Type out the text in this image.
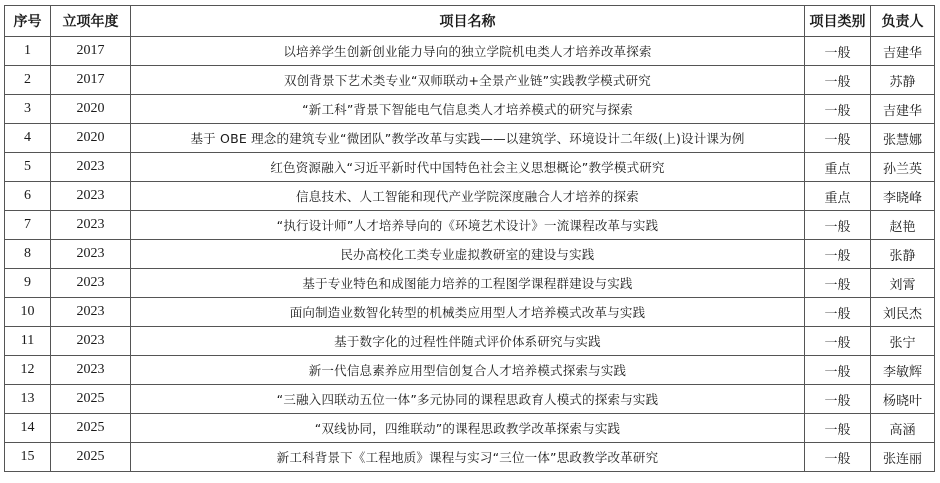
序号	立项年度	项目名称	项目类别	负责人
1	2017	以培养学生创新创业能力导向的独立学院机电类人才培养改革探索	一般	吉建华
2	2017	双创背景下艺术类专业“双师联动+全景产业链”实践教学模式研究	一般	苏静
3	2020	“新工科”背景下智能电气信息类人才培养模式的研究与探索	一般	吉建华
4	2020	基于 OBE 理念的建筑专业“微团队”教学改革与实践——以建筑学、环境设计二年级(上)设计课为例	一般	张慧娜
5	2023	红色资源融入“习近平新时代中国特色社会主义思想概论”教学模式研究	重点	孙兰英
6	2023	信息技术、人工智能和现代产业学院深度融合人才培养的探索	重点	李晓峰
7	2023	“执行设计师”人才培养导向的《环境艺术设计》一流课程改革与实践	一般	赵艳
8	2023	民办高校化工类专业虚拟教研室的建设与实践	一般	张静
9	2023	基于专业特色和成图能力培养的工程图学课程群建设与实践	一般	刘霄
10	2023	面向制造业数智化转型的机械类应用型人才培养模式改革与实践	一般	刘民杰
11	2023	基于数字化的过程性伴随式评价体系研究与实践	一般	张宁
12	2023	新一代信息素养应用型信创复合人才培养模式探索与实践	一般	李敏辉
13	2025	“三融入四联动五位一体”多元协同的课程思政育人模式的探索与实践	一般	杨晓叶
14	2025	“双线协同，四维联动”的课程思政教学改革探索与实践	一般	高涵
15	2025	新工科背景下《工程地质》课程与实习“三位一体”思政教学改革研究	一般	张连丽
